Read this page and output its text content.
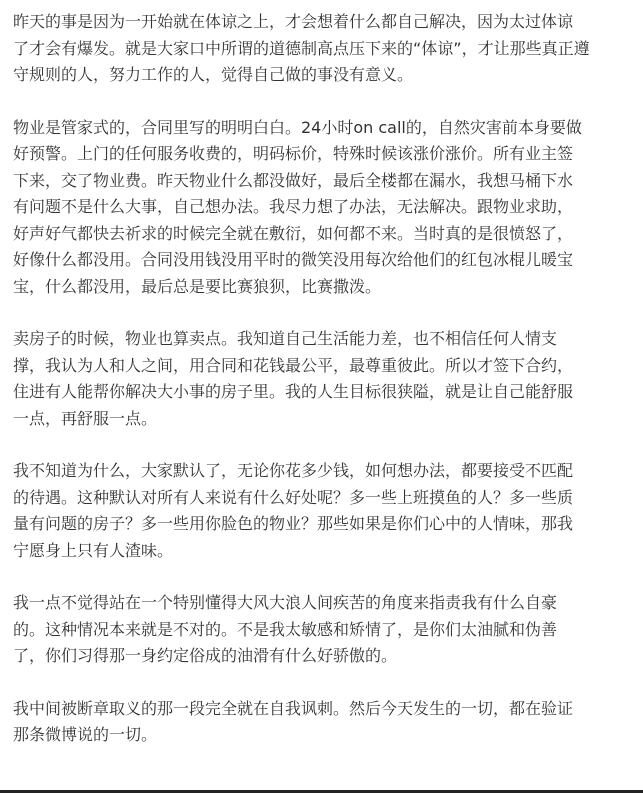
昨天的事是因为一开始就在体谅之上，才会想着什么都自己解决，因为太过体谅
了才会有爆发。就是大家口中所谓的道德制高点压下来的“体谅”，才让那些真正遵
守规则的人，努力工作的人，觉得自己做的事没有意义。

物业是管家式的，合同里写的明明白白。24小时on call的，自然灾害前本身要做
好预警。上门的任何服务收费的，明码标价，特殊时候该涨价涨价。所有业主签
下来，交了物业费。昨天物业什么都没做好，最后全楼都在漏水，我想马桶下水
有问题不是什么大事，自己想办法。我尽力想了办法，无法解决。跟物业求助，
好声好气都快去祈求的时候完全就在敷衍，如何都不来。当时真的是很愤怒了，
好像什么都没用。合同没用钱没用平时的微笑没用每次给他们的红包冰棍儿暖宝
宝，什么都没用，最后总是要比赛狼狈，比赛撒泼。

卖房子的时候，物业也算卖点。我知道自己生活能力差，也不相信任何人情支
撑，我认为人和人之间，用合同和花钱最公平，最尊重彼此。所以才签下合约，
住进有人能帮你解决大小事的房子里。我的人生目标很狭隘，就是让自己能舒服
一点，再舒服一点。

我不知道为什么，大家默认了，无论你花多少钱，如何想办法，都要接受不匹配
的待遇。这种默认对所有人来说有什么好处呢？多一些上班摸鱼的人？多一些质
量有问题的房子？多一些用你脸色的物业？那些如果是你们心中的人情味，那我
宁愿身上只有人渣味。

我一点不觉得站在一个特别懂得大风大浪人间疾苦的角度来指责我有什么自豪
的。这种情况本来就是不对的。不是我太敏感和矫情了，是你们太油腻和伪善
了，你们习得那一身约定俗成的油滑有什么好骄傲的。

我中间被断章取义的那一段完全就在自我讽刺。然后今天发生的一切，都在验证
那条微博说的一切。
